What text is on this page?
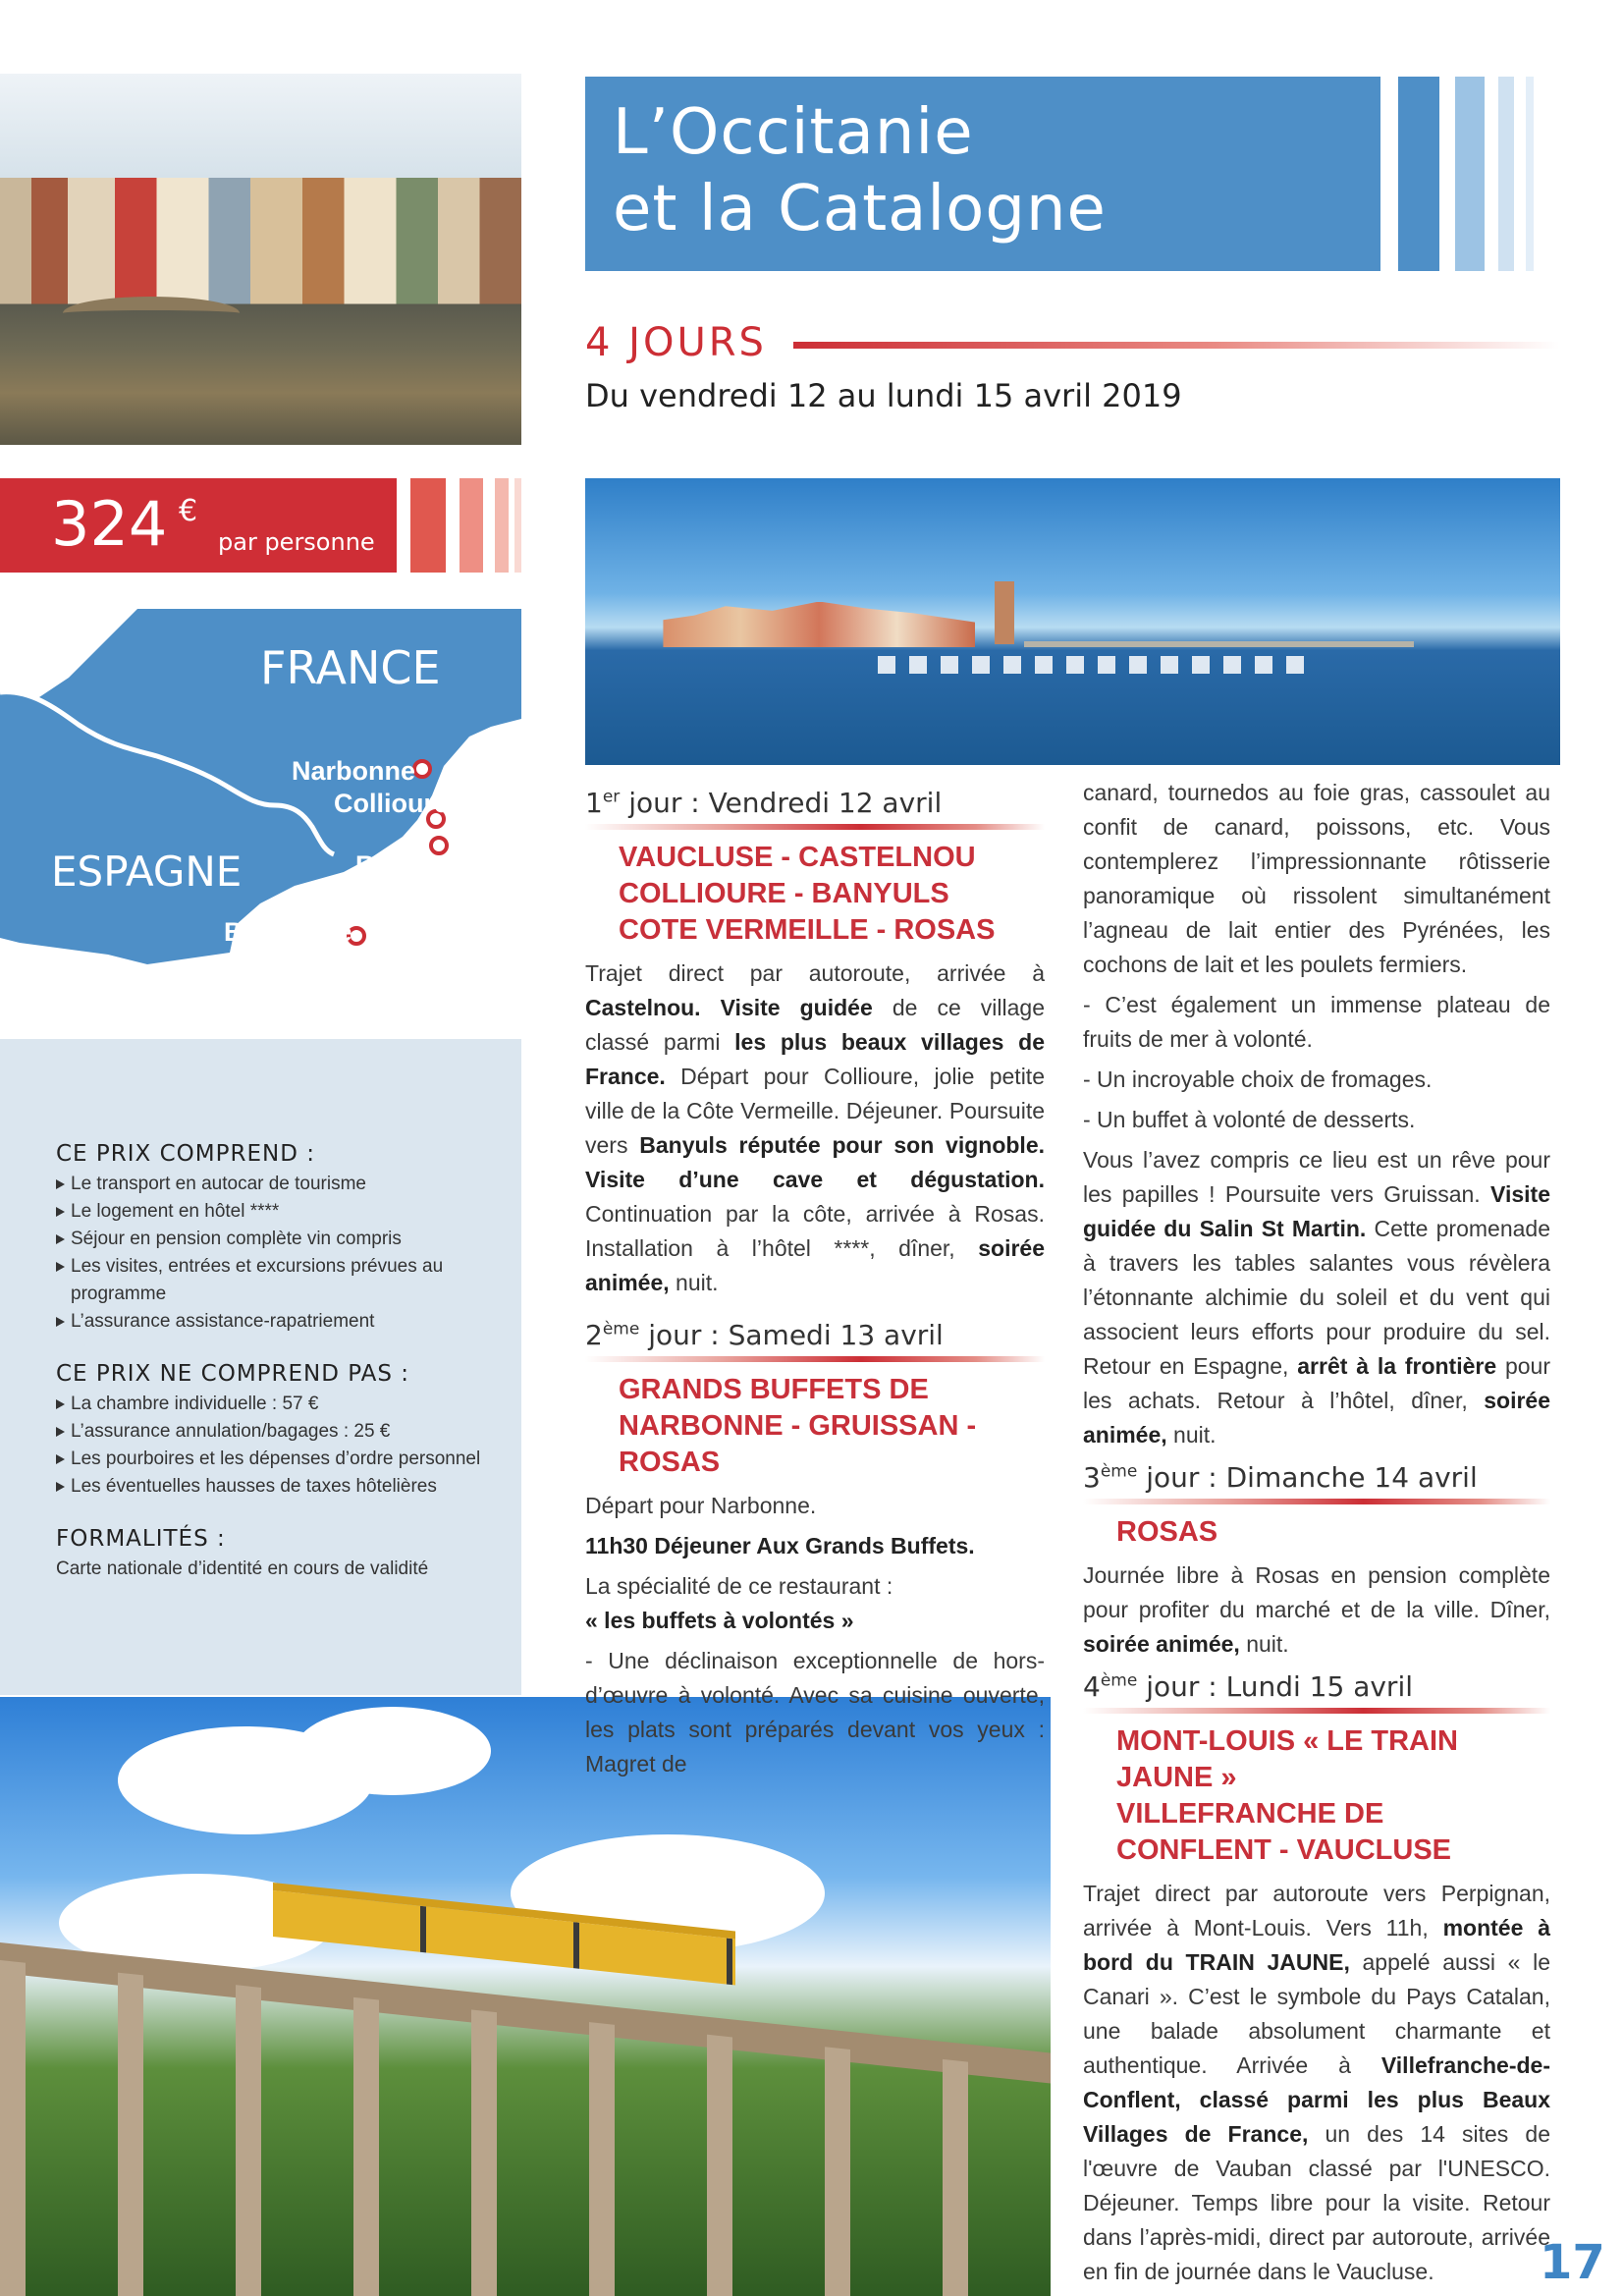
L’Occitanie
et la Catalogne
4 JOURS
Du vendredi 12 au lundi 15 avril 2019
324 €
par personne
FRANCE
ESPAGNE
Narbonne
Collioure
Rosas
Barcelone
CE PRIX COMPREND :
Le transport en autocar de tourisme
Le logement en hôtel ****
Séjour en pension complète vin compris
Les visites, entrées et excursions prévues au programme
L’assurance assistance-rapatriement
CE PRIX NE COMPREND PAS :
La chambre individuelle : 57 €
L’assurance annulation/bagages : 25 €
Les pourboires et les dépenses d’ordre personnel
Les éventuelles hausses de taxes hôtelières
FORMALITÉS :

Carte nationale d’identité en cours de validité

1er jour : Vendredi 12 avril
VAUCLUSE - CASTELNOU
COLLIOURE - BANYULS
COTE VERMEILLE - ROSAS

Trajet direct par autoroute, arrivée à Castelnou. Visite guidée de ce village classé parmi les plus beaux villages de France. Départ pour Collioure, jolie petite ville de la Côte Vermeille. Déjeuner. Poursuite vers Banyuls réputée pour son vignoble. Visite d’une cave et dégustation. Continuation par la côte, arrivée à Rosas. Installation à l’hôtel ****, dîner, soirée animée, nuit.

2ème jour : Samedi 13 avril
GRANDS BUFFETS DE
NARBONNE - GRUISSAN - ROSAS

Départ pour Narbonne.

11h30 Déjeuner Aux Grands Buffets.

La spécialité de ce restaurant :
« les buffets à volontés »

- Une déclinaison exceptionnelle de hors-d’œuvre à volonté. Avec sa cuisine ouverte, les plats sont préparés devant vos yeux : Magret de

canard, tournedos au foie gras, cassoulet au confit de canard, poissons, etc. Vous contemplerez l’impressionnante rôtisserie panoramique où rissolent simultanément l’agneau de lait entier des Pyrénées, les cochons de lait et les poulets fermiers.

- C’est également un immense plateau de fruits de mer à volonté.

- Un incroyable choix de fromages.

- Un buffet à volonté de desserts.

Vous l’avez compris ce lieu est un rêve pour les papilles ! Poursuite vers Gruissan. Visite guidée du Salin St Martin. Cette promenade à travers les tables salantes vous révèlera l’étonnante alchimie du soleil et du vent qui associent leurs efforts pour produire du sel. Retour en Espagne, arrêt à la frontière pour les achats. Retour à l’hôtel, dîner, soirée animée, nuit.

3ème jour : Dimanche 14 avril
ROSAS

Journée libre à Rosas en pension complète pour profiter du marché et de la ville. Dîner, soirée animée, nuit.

4ème jour : Lundi 15 avril
MONT-LOUIS « LE TRAIN JAUNE »
VILLEFRANCHE DE
CONFLENT - VAUCLUSE

Trajet direct par autoroute vers Perpignan, arrivée à Mont-Louis. Vers 11h, montée à bord du TRAIN JAUNE, appelé aussi « le Canari ». C’est le symbole du Pays Catalan, une balade absolument charmante et authentique. Arrivée à Villefranche-de-Conflent, classé parmi les plus Beaux Villages de France, un des 14 sites de l'œuvre de Vauban classé par l'UNESCO. Déjeuner. Temps libre pour la visite. Retour dans l’après-midi, direct par autoroute, arrivée en fin de journée dans le Vaucluse.	17
